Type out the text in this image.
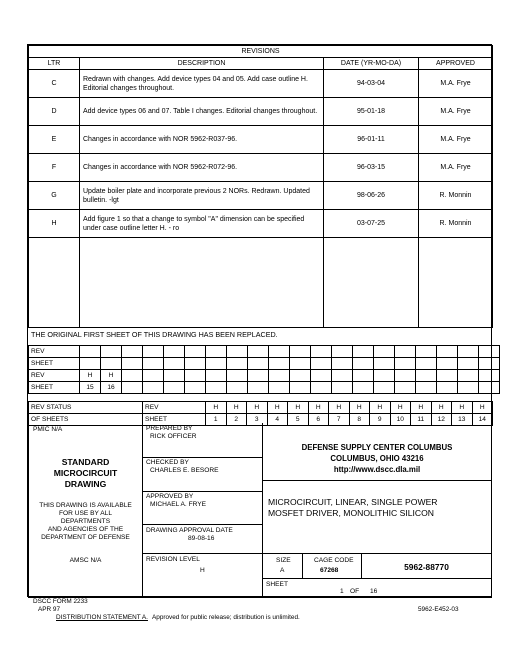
REVISIONS			
LTR	DESCRIPTION	DATE (YR-MO-DA)	APPROVED
C	Redrawn with changes. Add device types 04 and 05. Add case outline H. Editorial changes throughout.	94-03-04	M.A. Frye
D	Add device types 06 and 07. Table I changes. Editorial changes throughout.	95-01-18	M.A. Frye
E	Changes in accordance with NOR 5962-R037-96.	96-01-11	M.A. Frye
F	Changes in accordance with NOR 5962-R072-96.	96-03-15	M.A. Frye
G	Update boiler plate and incorporate previous 2 NORs. Redrawn. Updated bulletin. -lgt	98-06-26	R. Monnin
H	Add figure 1 so that a change to symbol "A" dimension can be specified under case outline letter H. - ro	03-07-25	R. Monnin

THE ORIGINAL FIRST SHEET OF THIS DRAWING HAS BEEN REPLACED.
REV																				
SHEET																				
REV	H	H																		
SHEET	15	16																		
REV STATUS	REV	H	H	H	H	H	H	H	H	H	H	H	H	H	H
OF SHEETS	SHEET	1	2	3	4	5	6	7	8	9	10	11	12	13	14
PMIC N/A
STANDARD
MICROCIRCUIT
DRAWING
THIS DRAWING IS AVAILABLE
FOR USE BY ALL
DEPARTMENTS
AND AGENCIES OF THE
DEPARTMENT OF DEFENSE
AMSC N/A
PREPARED BY
RICK OFFICER
CHECKED BY
CHARLES E. BESORE
APPROVED BY
MICHAEL A. FRYE
DRAWING APPROVAL DATE
89-08-16
REVISION LEVEL
H
DEFENSE SUPPLY CENTER COLUMBUS
COLUMBUS, OHIO 43216
http://www.dscc.dla.mil
MICROCIRCUIT, LINEAR, SINGLE POWER
MOSFET DRIVER, MONOLITHIC SILICON
SIZE
A
CAGE CODE
67268	5962-88770
SHEET
1 OF 16
DSCC FORM 2233
APR 97
DISTRIBUTION STATEMENT A. Approved for public release; distribution is unlimited.
5962-E452-03
